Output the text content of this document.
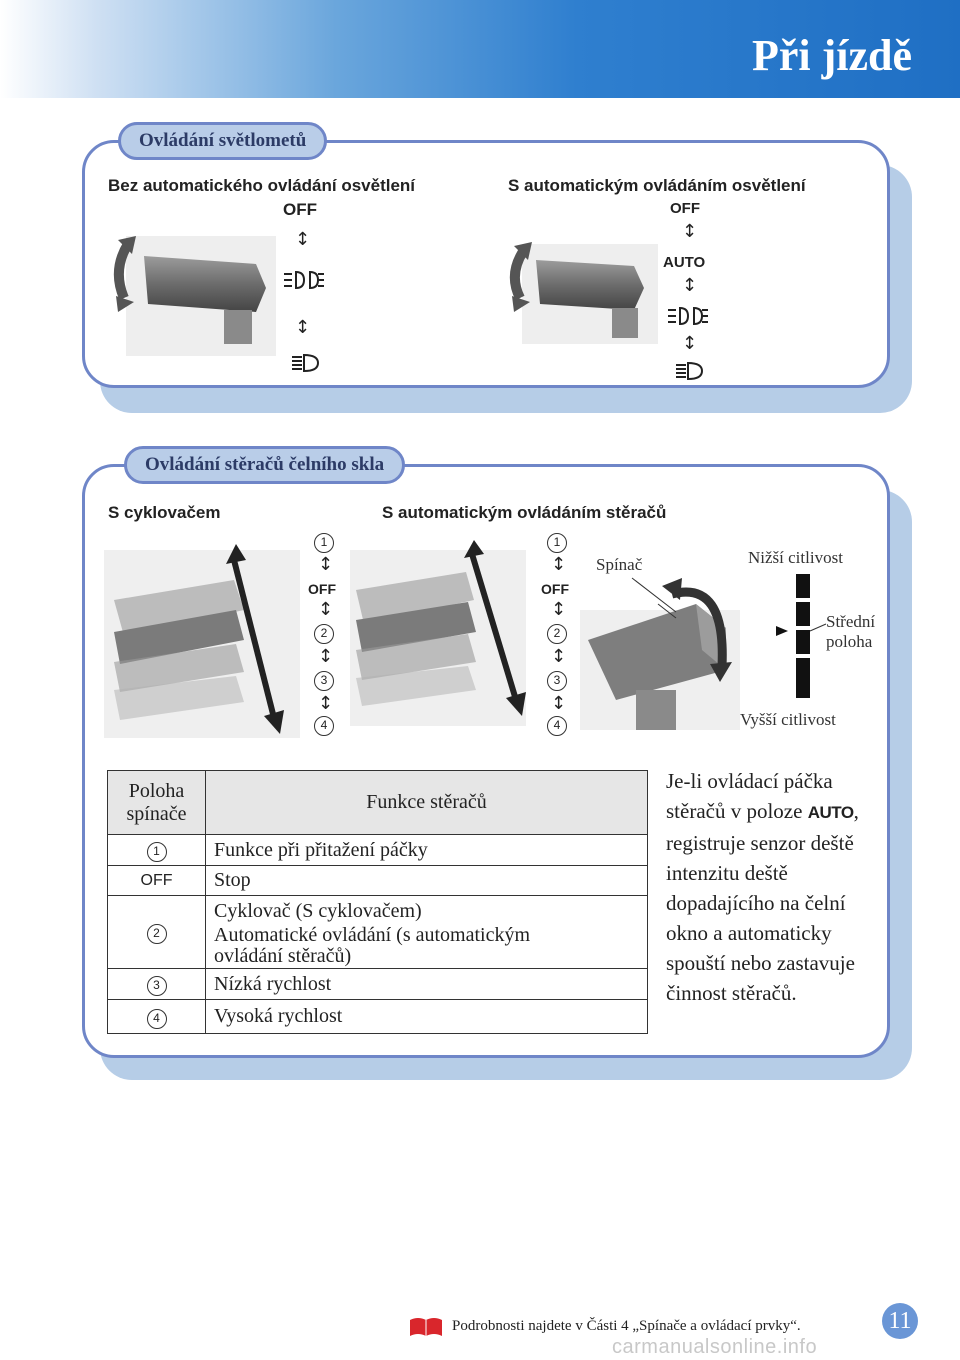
Při jízdě
Ovládání světlometů
Bez automatického ovládání osvětlení	S automatickým ovládáním osvětlení
OFF
↕
↕	OFF
↕
AUTO
↕
↕
Ovládání stěračů čelního skla
S cyklovačem	S automatickým ovládáním stěračů
1
↕
OFF
↕
2
↕
3
↕
4
1
↕
OFF
↕
2
↕
3
↕
4
Spínač	Nižší citlivost
Střední
poloha
Vyšší citlivost
Poloha
spínače	Funkce stěračů
1	Funkce při přitažení páčky
OFF	Stop
2	Cyklovač (S cyklovačem)
Automatické ovládání (s automatickým
ovládání stěračů)

3	Nízká rychlost
4	Vysoká rychlost
Je-li ovládací páčka stěračů v poloze AUTO, registruje senzor deště intenzitu deště dopadajícího na čelní okno a automaticky spouští nebo zastavuje činnost stěračů.
Podrobnosti najdete v Části 4 „Spínače a ovládací prvky“.	11
carmanualsonline.info
